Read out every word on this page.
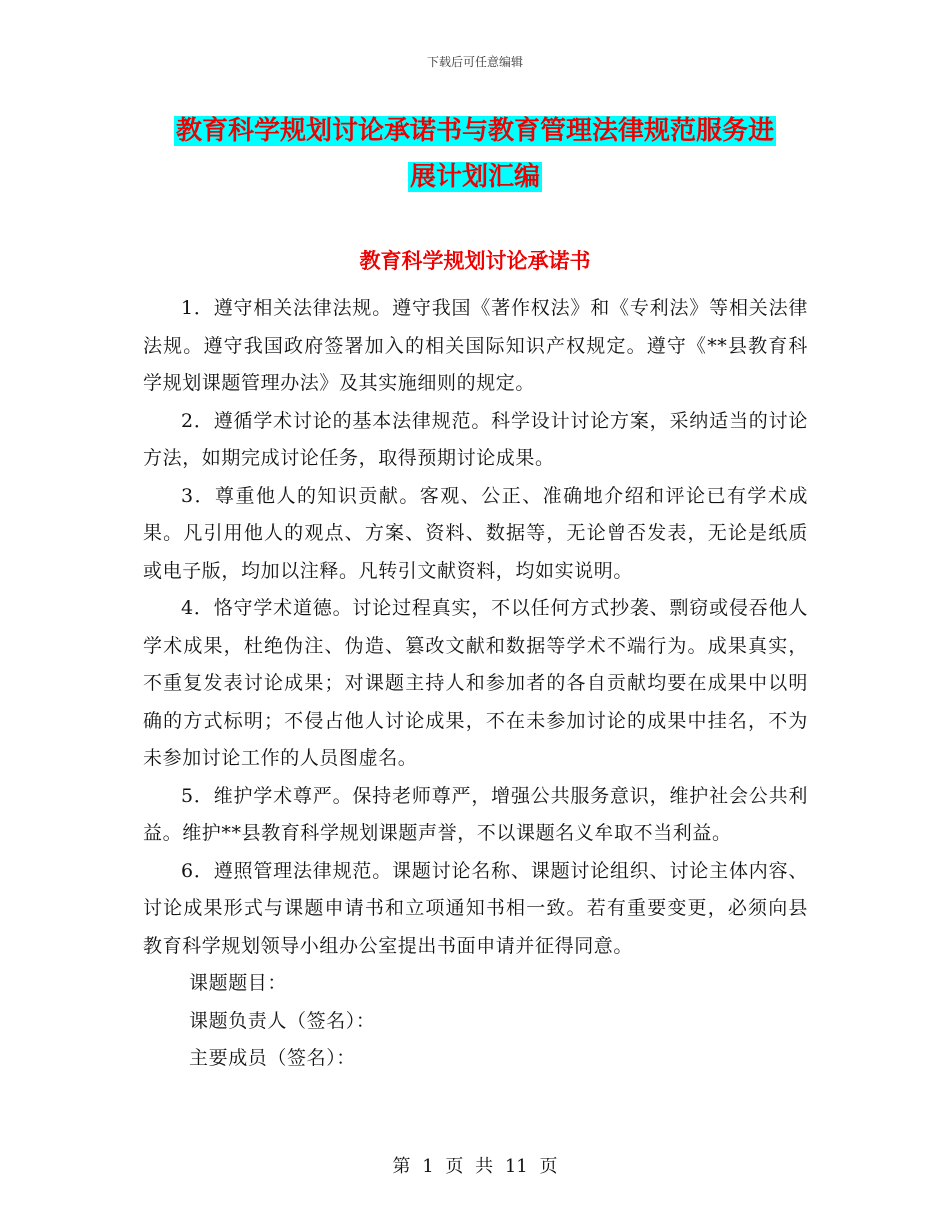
下载后可任意编辑
教育科学规划讨论承诺书与教育管理法律规范服务进
展计划汇编
教育科学规划讨论承诺书

1．遵守相关法律法规。遵守我国《著作权法》和《专利法》等相关法律法规。遵守我国政府签署加入的相关国际知识产权规定。遵守《**县教育科学规划课题管理办法》及其实施细则的规定。

2．遵循学术讨论的基本法律规范。科学设计讨论方案，采纳适当的讨论方法，如期完成讨论任务，取得预期讨论成果。

3．尊重他人的知识贡献。客观、公正、准确地介绍和评论已有学术成果。凡引用他人的观点、方案、资料、数据等，无论曾否发表，无论是纸质或电子版，均加以注释。凡转引文献资料，均如实说明。

4．恪守学术道德。讨论过程真实，不以任何方式抄袭、剽窃或侵吞他人学术成果，杜绝伪注、伪造、篡改文献和数据等学术不端行为。成果真实，不重复发表讨论成果；对课题主持人和参加者的各自贡献均要在成果中以明确的方式标明；不侵占他人讨论成果，不在未参加讨论的成果中挂名，不为未参加讨论工作的人员图虚名。

5．维护学术尊严。保持老师尊严，增强公共服务意识，维护社会公共利益。维护**县教育科学规划课题声誉，不以课题名义牟取不当利益。

6．遵照管理法律规范。课题讨论名称、课题讨论组织、讨论主体内容、讨论成果形式与课题申请书和立项通知书相一致。若有重要变更，必须向县教育科学规划领导小组办公室提出书面申请并征得同意。

课题题目：
课题负责人（签名）：
主要成员（签名）：
第 1 页 共 11 页
